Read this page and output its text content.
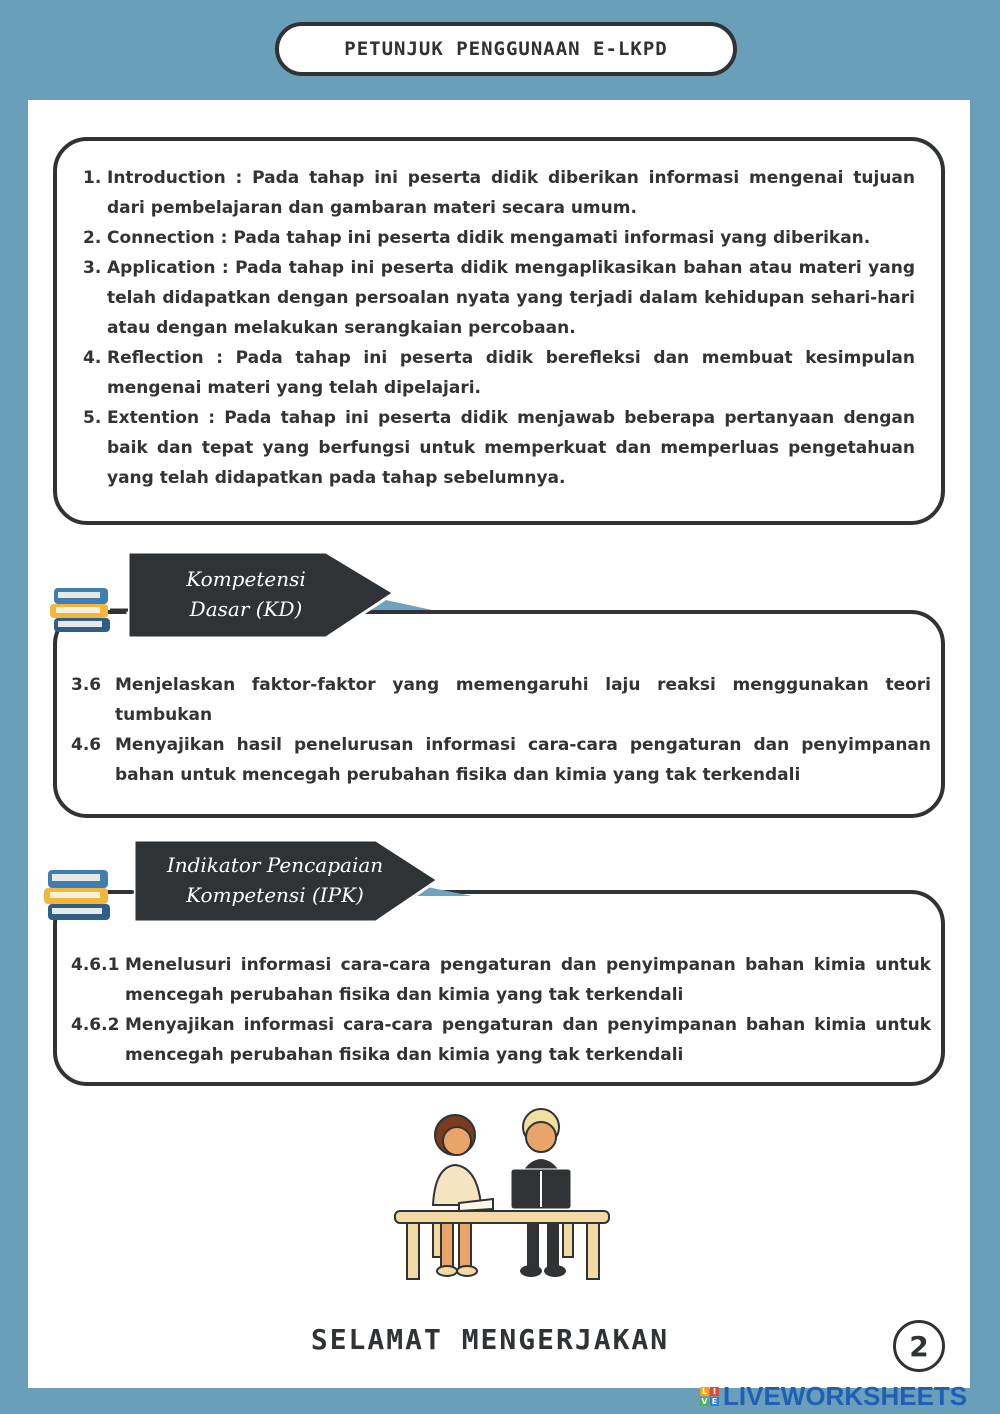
PETUNJUK PENGGUNAAN E-LKPD
1. Introduction : Pada tahap ini peserta didik diberikan informasi mengenai tujuan dari pembelajaran dan gambaran materi secara umum.
2. Connection : Pada tahap ini peserta didik mengamati informasi yang diberikan.
3. Application : Pada tahap ini peserta didik mengaplikasikan bahan atau materi yang telah didapatkan dengan persoalan nyata yang terjadi dalam kehidupan sehari-hari atau dengan melakukan serangkaian percobaan.
4. Reflection : Pada tahap ini peserta didik berefleksi dan membuat kesimpulan mengenai materi yang telah dipelajari.
5. Extention : Pada tahap ini peserta didik menjawab beberapa pertanyaan dengan baik dan tepat yang berfungsi untuk memperkuat dan memperluas pengetahuan yang telah didapatkan pada tahap sebelumnya.
3.6 Menjelaskan faktor-faktor yang memengaruhi laju reaksi menggunakan teori tumbukan
4.6 Menyajikan hasil penelurusan informasi cara-cara pengaturan dan penyimpanan bahan untuk mencegah perubahan fisika dan kimia yang tak terkendali
Kompetensi
Dasar (KD)
4.6.1 Menelusuri informasi cara-cara pengaturan dan penyimpanan bahan kimia untuk mencegah perubahan fisika dan kimia yang tak terkendali
4.6.2 Menyajikan informasi cara-cara pengaturan dan penyimpanan bahan kimia untuk mencegah perubahan fisika dan kimia yang tak terkendali
Indikator Pencapaian
Kompetensi (IPK)
SELAMAT MENGERJAKAN	2
L I
V E LIVEWORKSHEETS
